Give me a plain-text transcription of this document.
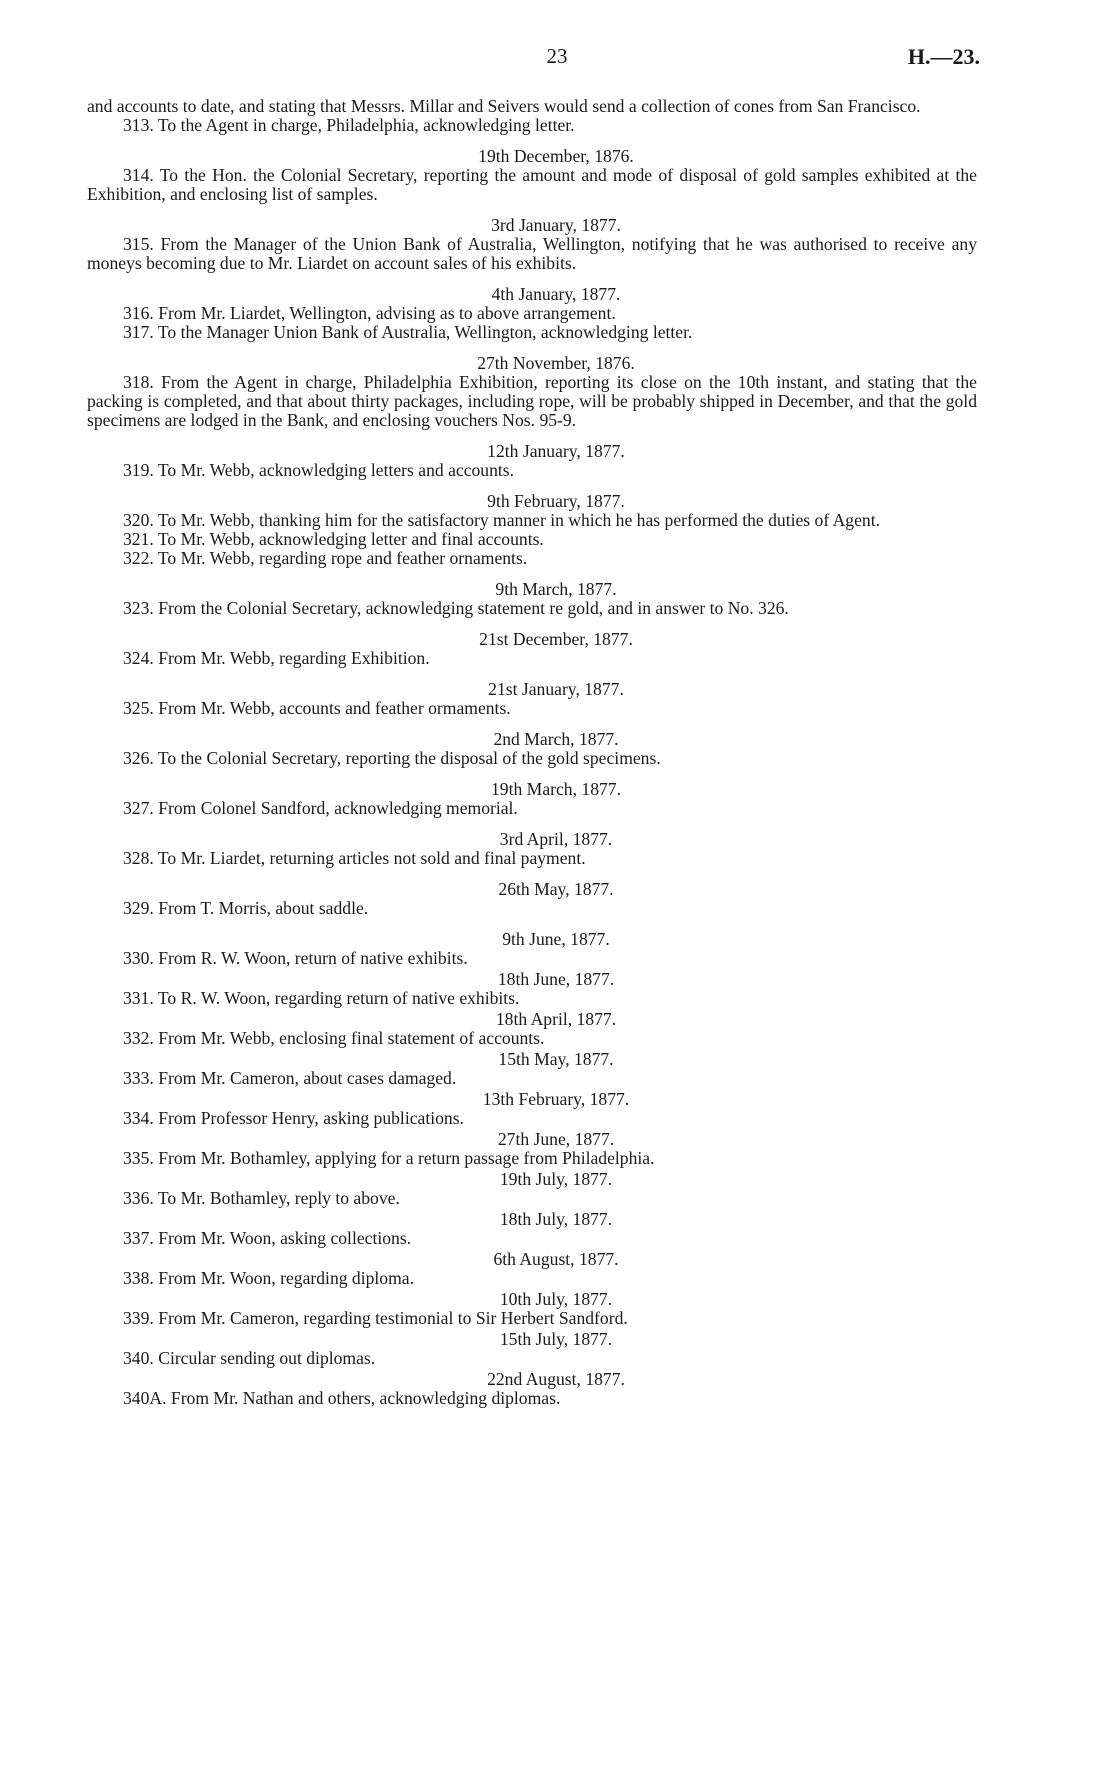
23	H.—23.

and accounts to date, and stating that Messrs. Millar and Seivers would send a collection of cones from San Francisco.

313. To the Agent in charge, Philadelphia, acknowledging letter.

19th December, 1876.

314. To the Hon. the Colonial Secretary, reporting the amount and mode of disposal of gold samples exhibited at the Exhibition, and enclosing list of samples.

3rd January, 1877.

315. From the Manager of the Union Bank of Australia, Wellington, notifying that he was authorised to receive any moneys becoming due to Mr. Liardet on account sales of his exhibits.

4th January, 1877.

316. From Mr. Liardet, Wellington, advising as to above arrangement.

317. To the Manager Union Bank of Australia, Wellington, acknowledging letter.

27th November, 1876.

318. From the Agent in charge, Philadelphia Exhibition, reporting its close on the 10th instant, and stating that the packing is completed, and that about thirty packages, including rope, will be probably shipped in December, and that the gold specimens are lodged in the Bank, and enclosing vouchers Nos. 95-9.

12th January, 1877.

319. To Mr. Webb, acknowledging letters and accounts.

9th February, 1877.

320. To Mr. Webb, thanking him for the satisfactory manner in which he has performed the duties of Agent.

321. To Mr. Webb, acknowledging letter and final accounts.

322. To Mr. Webb, regarding rope and feather ornaments.

9th March, 1877.

323. From the Colonial Secretary, acknowledging statement re gold, and in answer to No. 326.

21st December, 1877.

324. From Mr. Webb, regarding Exhibition.

21st January, 1877.

325. From Mr. Webb, accounts and feather ormaments.

2nd March, 1877.

326. To the Colonial Secretary, reporting the disposal of the gold specimens.

19th March, 1877.

327. From Colonel Sandford, acknowledging memorial.

3rd April, 1877.

328. To Mr. Liardet, returning articles not sold and final payment.

26th May, 1877.

329. From T. Morris, about saddle.

9th June, 1877.

330. From R. W. Woon, return of native exhibits.

18th June, 1877.

331. To R. W. Woon, regarding return of native exhibits.

18th April, 1877.

332. From Mr. Webb, enclosing final statement of accounts.

15th May, 1877.

333. From Mr. Cameron, about cases damaged.

13th February, 1877.

334. From Professor Henry, asking publications.

27th June, 1877.

335. From Mr. Bothamley, applying for a return passage from Philadelphia.

19th July, 1877.

336. To Mr. Bothamley, reply to above.

18th July, 1877.

337. From Mr. Woon, asking collections.

6th August, 1877.

338. From Mr. Woon, regarding diploma.

10th July, 1877.

339. From Mr. Cameron, regarding testimonial to Sir Herbert Sandford.

15th July, 1877.

340. Circular sending out diplomas.

22nd August, 1877.

340A. From Mr. Nathan and others, acknowledging diplomas.
